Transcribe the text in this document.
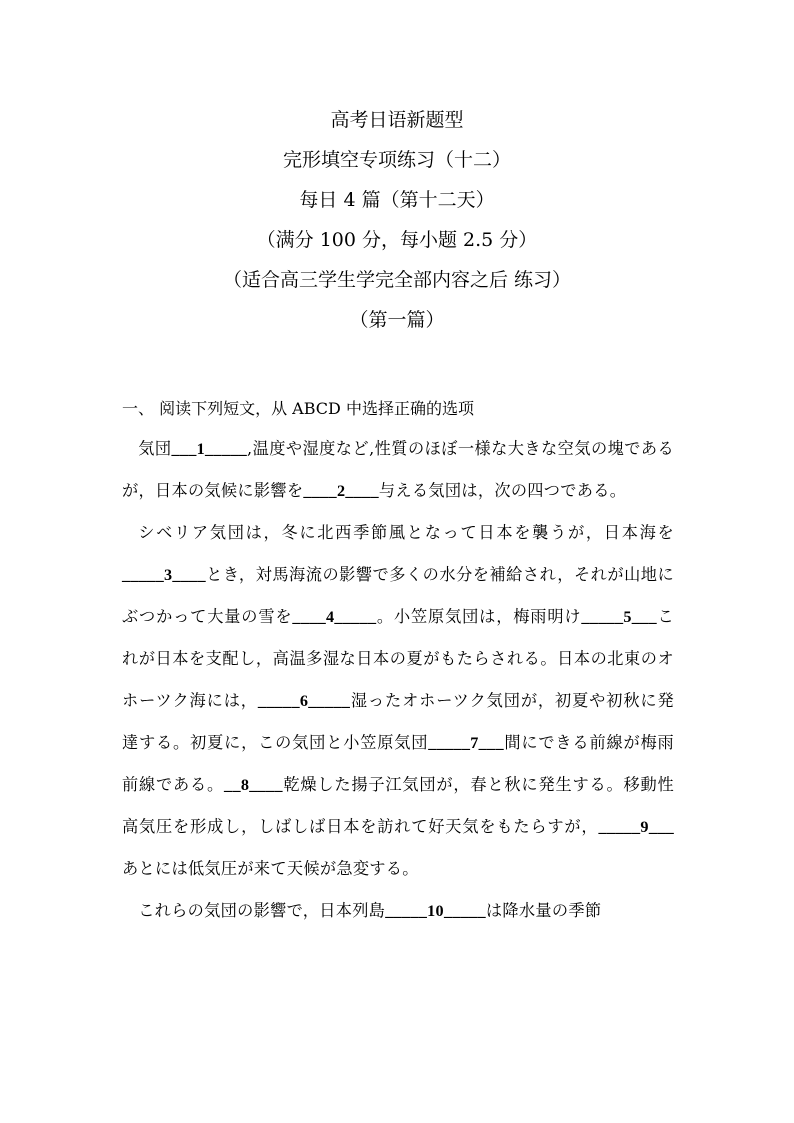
高考日语新题型
完形填空专项练习（十二）
每日 4 篇（第十二天）
（满分 100 分，每小题 2.5 分）
（适合高三学生学完全部内容之后 练习）
（第一篇）
一、 阅读下列短文，从 ABCD 中选择正确的选项

気団___1_____,温度や湿度など,性質のほぼ一様な大きな空気の塊であるが，日本の気候に影響を____2____与える気団は，次の四つである。

シベリア気団は，冬に北西季節風となって日本を襲うが，日本海を_____3____とき，対馬海流の影響で多くの水分を補給され，それが山地にぶつかって大量の雪を____4_____。小笠原気団は，梅雨明け_____5___これが日本を支配し，高温多湿な日本の夏がもたらされる。日本の北東のオホーツク海には，_____6_____湿ったオホーツク気団が，初夏や初秋に発達する。初夏に，この気団と小笠原気団_____7___間にできる前線が梅雨前線である。__8____乾燥した揚子江気団が，春と秋に発生する。移動性高気圧を形成し，しばしば日本を訪れて好天気をもたらすが，_____9___あとには低気圧が来て天候が急変する。

これらの気団の影響で，日本列島_____10_____は降水量の季節
